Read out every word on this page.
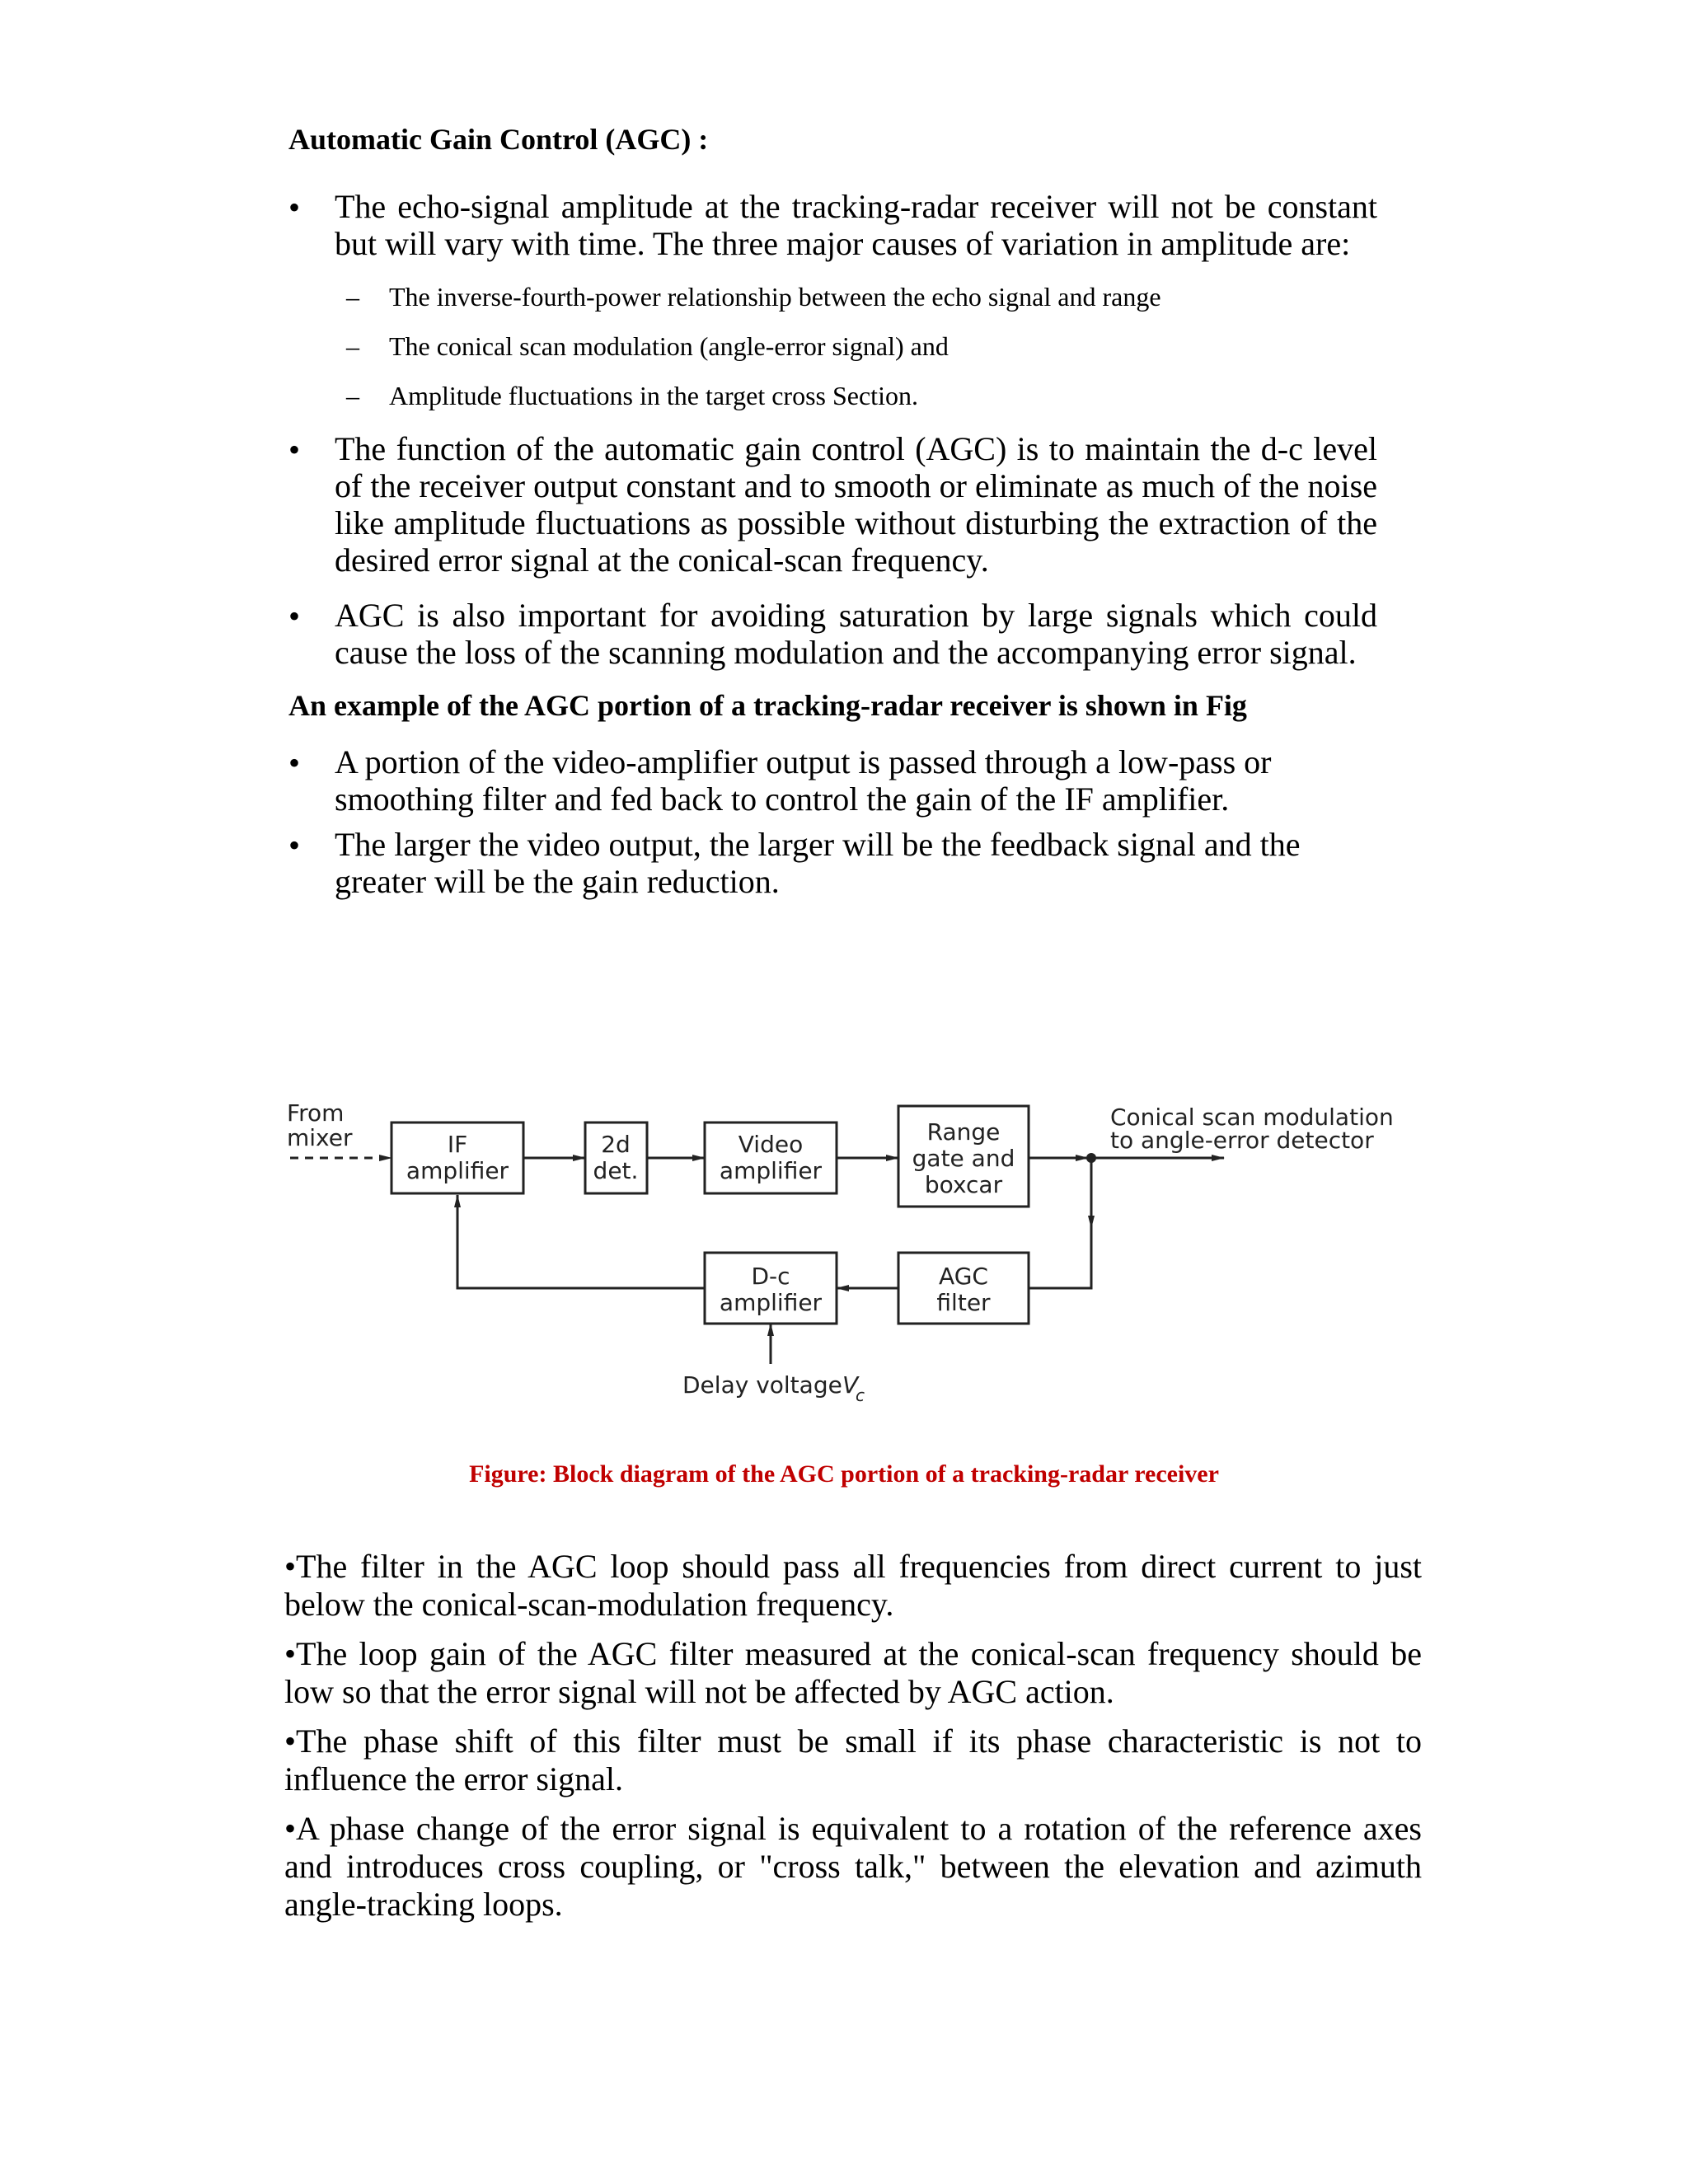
Automatic Gain Control (AGC) :
•	The echo-signal amplitude at the tracking-radar receiver will not be constant but will vary with time. The three major causes of variation in amplitude are:
– The inverse-fourth-power relationship between the echo signal and range
– The conical scan modulation (angle-error signal) and
– Amplitude fluctuations in the target cross Section.
•	The function of the automatic gain control (AGC) is to maintain the d-c level of the receiver output constant and to smooth or eliminate as much of the noise like amplitude fluctuations as possible without disturbing the extraction of the desired error signal at the conical-scan frequency.
•	AGC is also important for avoiding saturation by large signals which could cause the loss of the scanning modulation and the accompanying error signal.
An example of the AGC portion of a tracking-radar receiver is shown in Fig
•	A portion of the video-amplifier output is passed through a low-pass or smoothing filter and fed back to control the gain of the IF amplifier.
•	The larger the video output, the larger will be the feedback signal and the greater will be the gain reduction.
From
mixer	IF
amplifier
2d
det.
Video
amplifier
Range
gate and
boxcar
Conical scan modulation
to angle-error detector
D-c
amplifier
AGC
filter
Delay voltage V
c
Figure: Block diagram of the AGC portion of a tracking-radar receiver
•The filter in the AGC loop should pass all frequencies from direct current to just below the conical-scan-modulation frequency.
•The loop gain of the AGC filter measured at the conical-scan frequency should be low so that the error signal will not be affected by AGC action.
•The phase shift of this filter must be small if its phase characteristic is not to influence the error signal.
•A phase change of the error signal is equivalent to a rotation of the reference axes and introduces cross coupling, or "cross talk," between the elevation and azimuth angle-tracking loops.
